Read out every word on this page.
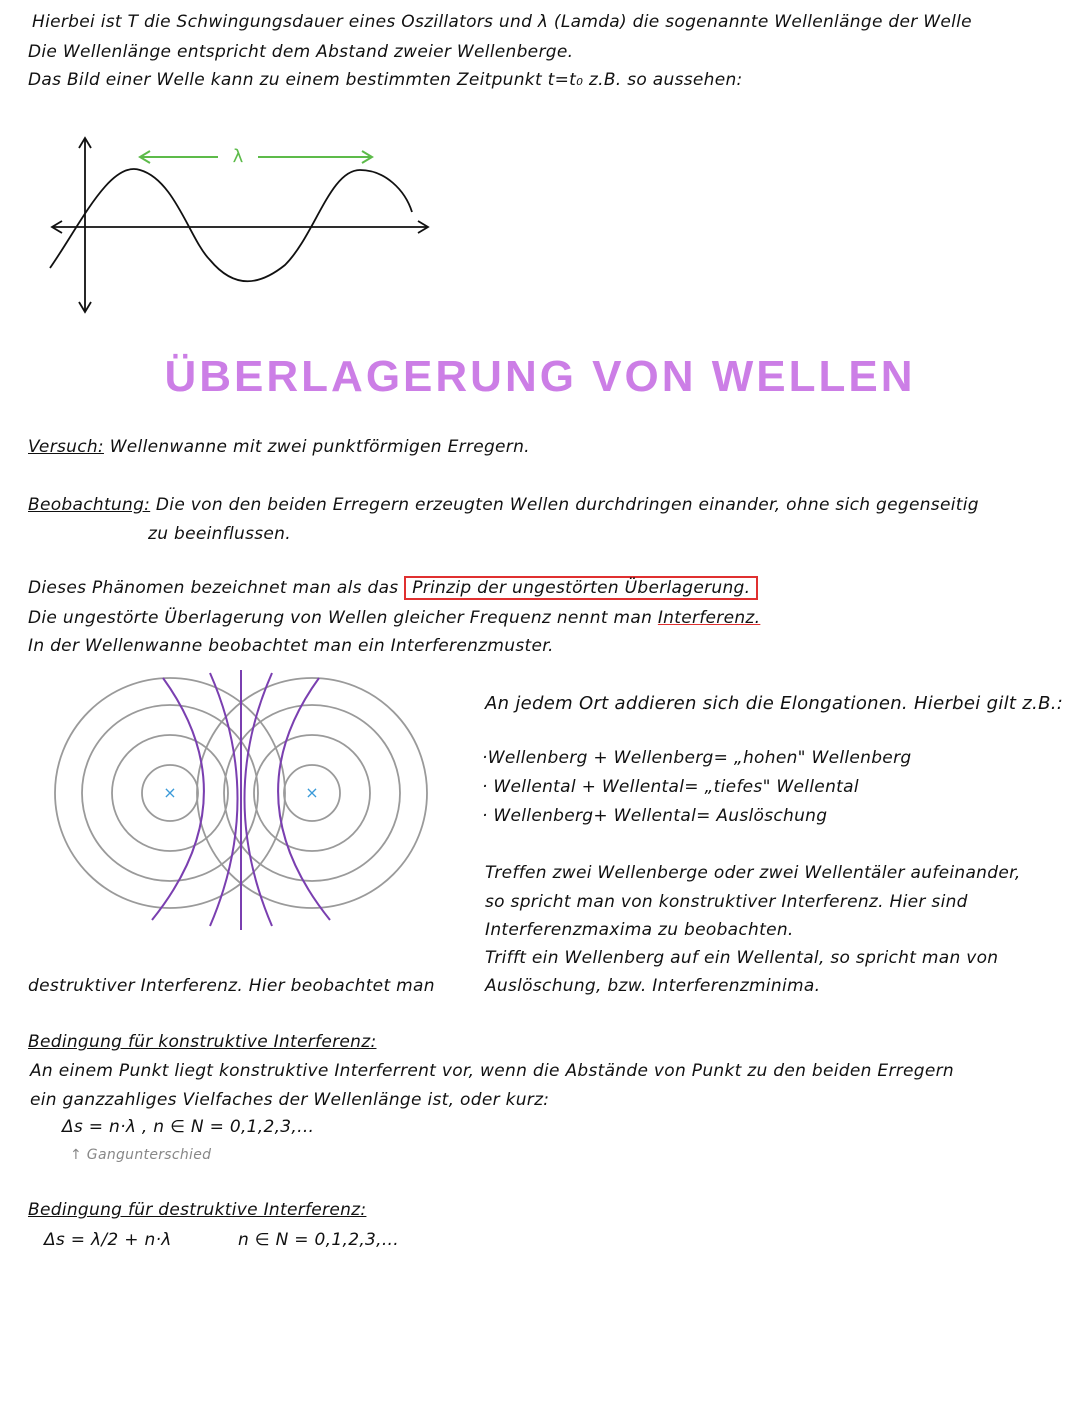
Hierbei ist T die Schwingungsdauer eines Oszillators und λ (Lamda) die sogenannte Wellenlänge der Welle
Die Wellenlänge entspricht dem Abstand zweier Wellenberge.
Das Bild einer Welle kann zu einem bestimmten Zeitpunkt t=t₀ z.B. so aussehen:
λ
ÜBERLAGERUNG VON WELLEN
Versuch: Wellenwanne mit zwei punktförmigen Erregern.
Beobachtung: Die von den beiden Erregern erzeugten Wellen durchdringen einander, ohne sich gegenseitig
zu beeinflussen.
Dieses Phänomen bezeichnet man als das Prinzip der ungestörten Überlagerung.
Die ungestörte Überlagerung von Wellen gleicher Frequenz nennt man Interferenz.
In der Wellenwanne beobachtet man ein Interferenzmuster.
×	×
An jedem Ort addieren sich die Elongationen. Hierbei gilt z.B.:
·Wellenberg + Wellenberg= „hohen" Wellenberg
· Wellental + Wellental= „tiefes" Wellental
· Wellenberg+ Wellental= Auslöschung
Treffen zwei Wellenberge oder zwei Wellentäler aufeinander,
so spricht man von konstruktiver Interferenz. Hier sind
Interferenzmaxima zu beobachten.
Trifft ein Wellenberg auf ein Wellental, so spricht man von
destruktiver Interferenz. Hier beobachtet man	Auslöschung, bzw. Interferenzminima.
Bedingung für konstruktive Interferenz:
An einem Punkt liegt konstruktive Interferrent vor, wenn die Abstände von Punkt zu den beiden Erregern
ein ganzzahliges Vielfaches der Wellenlänge ist, oder kurz:
Δs = n·λ , n ∈ N = 0,1,2,3,...
↑ Gangunterschied
Bedingung für destruktive Interferenz:
Δs = λ/2 + n·λ	n ∈ N = 0,1,2,3,...
